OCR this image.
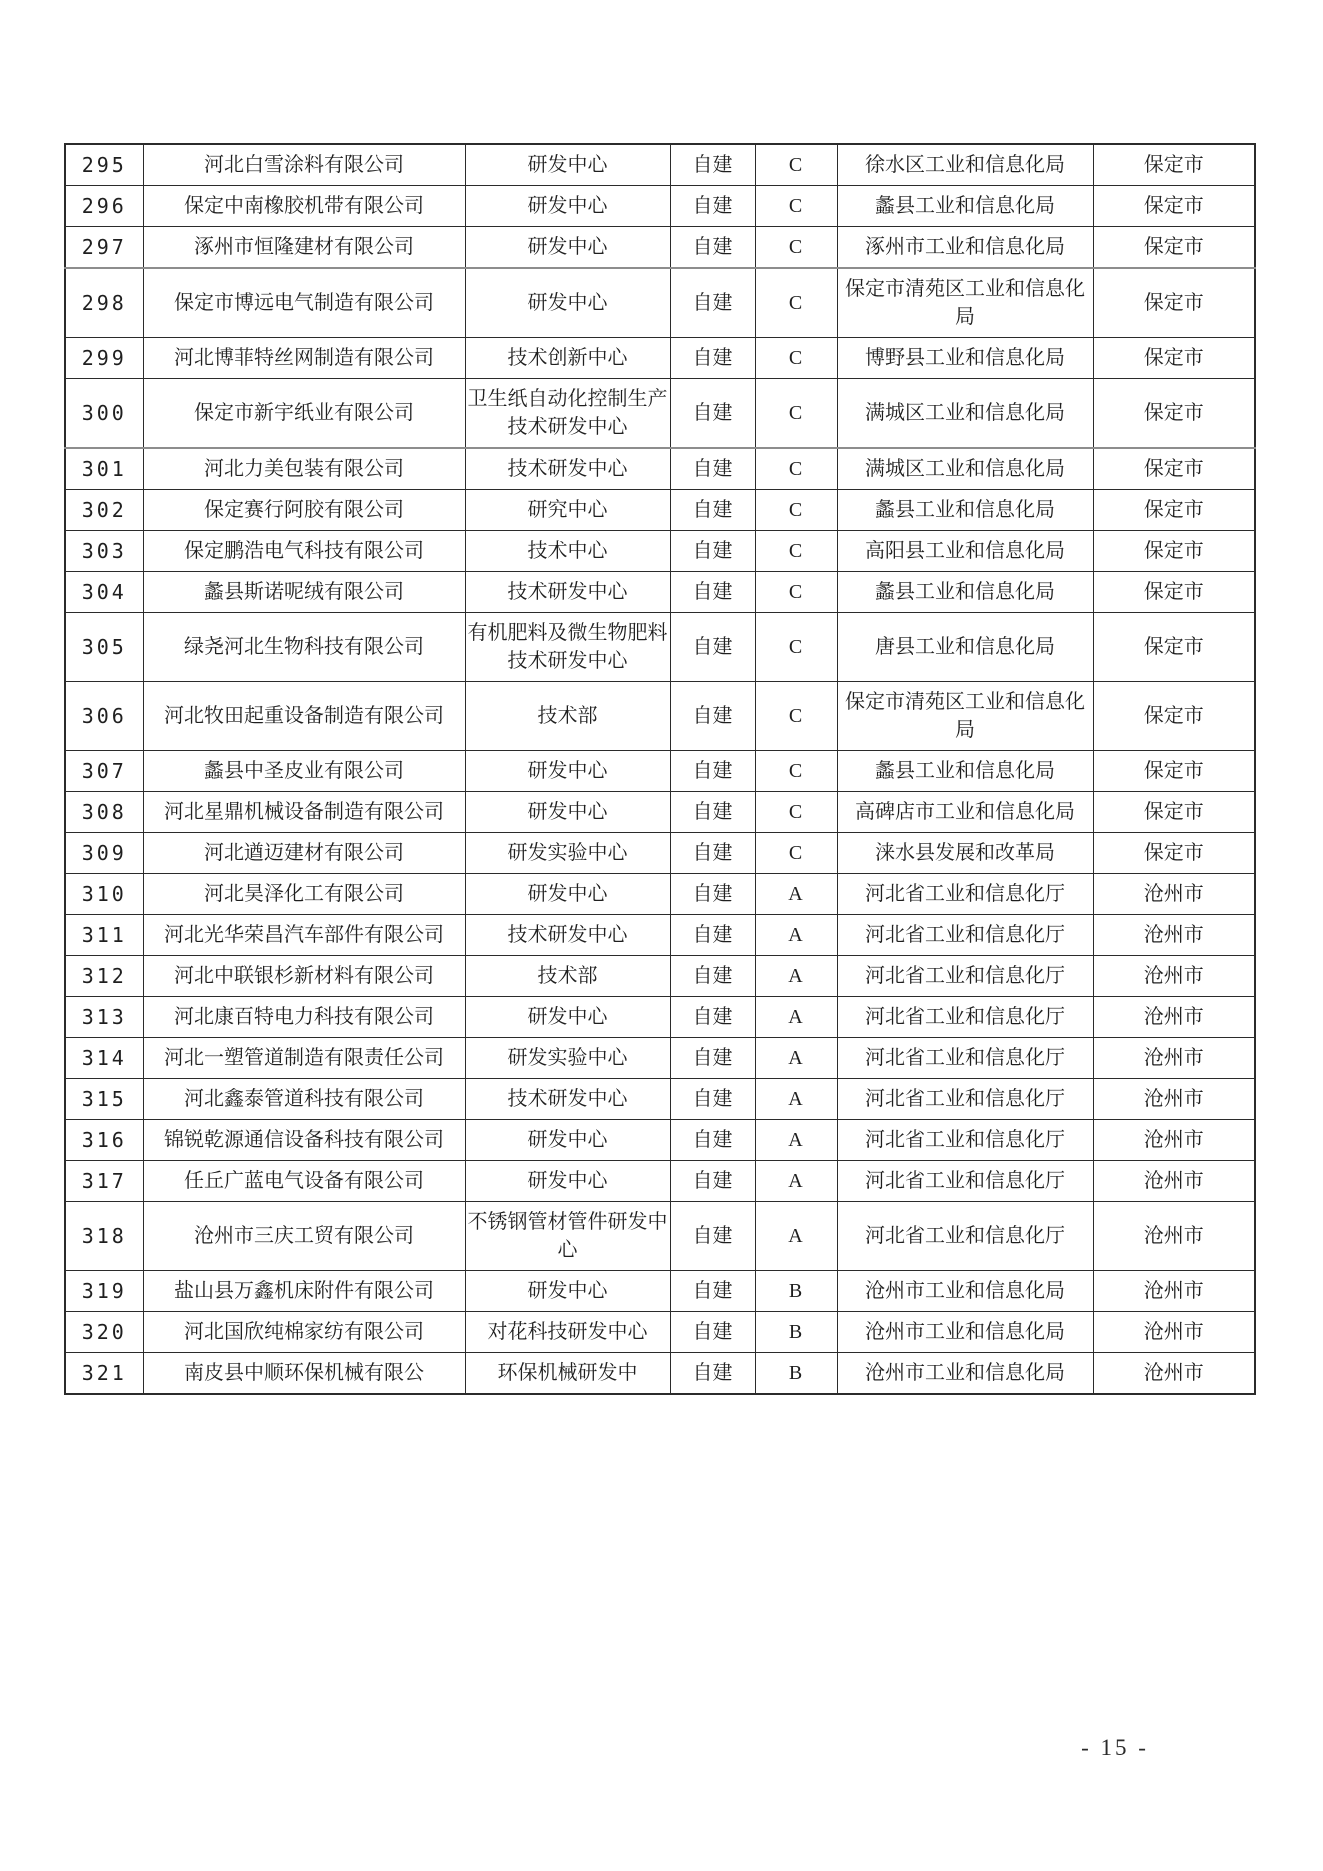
295	河北白雪涂料有限公司	研发中心	自建	C	徐水区工业和信息化局	保定市
296	保定中南橡胶机带有限公司	研发中心	自建	C	蠡县工业和信息化局	保定市
297	涿州市恒隆建材有限公司	研发中心	自建	C	涿州市工业和信息化局	保定市
298	保定市博远电气制造有限公司	研发中心	自建	C	保定市清苑区工业和信息化局	保定市
299	河北博菲特丝网制造有限公司	技术创新中心	自建	C	博野县工业和信息化局	保定市
300	保定市新宇纸业有限公司	卫生纸自动化控制生产技术研发中心	自建	C	满城区工业和信息化局	保定市
301	河北力美包装有限公司	技术研发中心	自建	C	满城区工业和信息化局	保定市
302	保定赛行阿胶有限公司	研究中心	自建	C	蠡县工业和信息化局	保定市
303	保定鹏浩电气科技有限公司	技术中心	自建	C	高阳县工业和信息化局	保定市
304	蠡县斯诺呢绒有限公司	技术研发中心	自建	C	蠡县工业和信息化局	保定市
305	绿尧河北生物科技有限公司	有机肥料及微生物肥料技术研发中心	自建	C	唐县工业和信息化局	保定市
306	河北牧田起重设备制造有限公司	技术部	自建	C	保定市清苑区工业和信息化局	保定市
307	蠡县中圣皮业有限公司	研发中心	自建	C	蠡县工业和信息化局	保定市
308	河北星鼎机械设备制造有限公司	研发中心	自建	C	高碑店市工业和信息化局	保定市
309	河北遒迈建材有限公司	研发实验中心	自建	C	涞水县发展和改革局	保定市
310	河北昊泽化工有限公司	研发中心	自建	A	河北省工业和信息化厅	沧州市
311	河北光华荣昌汽车部件有限公司	技术研发中心	自建	A	河北省工业和信息化厅	沧州市
312	河北中联银杉新材料有限公司	技术部	自建	A	河北省工业和信息化厅	沧州市
313	河北康百特电力科技有限公司	研发中心	自建	A	河北省工业和信息化厅	沧州市
314	河北一塑管道制造有限责任公司	研发实验中心	自建	A	河北省工业和信息化厅	沧州市
315	河北鑫泰管道科技有限公司	技术研发中心	自建	A	河北省工业和信息化厅	沧州市
316	锦锐乾源通信设备科技有限公司	研发中心	自建	A	河北省工业和信息化厅	沧州市
317	任丘广蓝电气设备有限公司	研发中心	自建	A	河北省工业和信息化厅	沧州市
318	沧州市三庆工贸有限公司	不锈钢管材管件研发中心	自建	A	河北省工业和信息化厅	沧州市
319	盐山县万鑫机床附件有限公司	研发中心	自建	B	沧州市工业和信息化局	沧州市
320	河北国欣纯棉家纺有限公司	对花科技研发中心	自建	B	沧州市工业和信息化局	沧州市
321	南皮县中顺环保机械有限公	环保机械研发中	自建	B	沧州市工业和信息化局	沧州市
- 15 -
